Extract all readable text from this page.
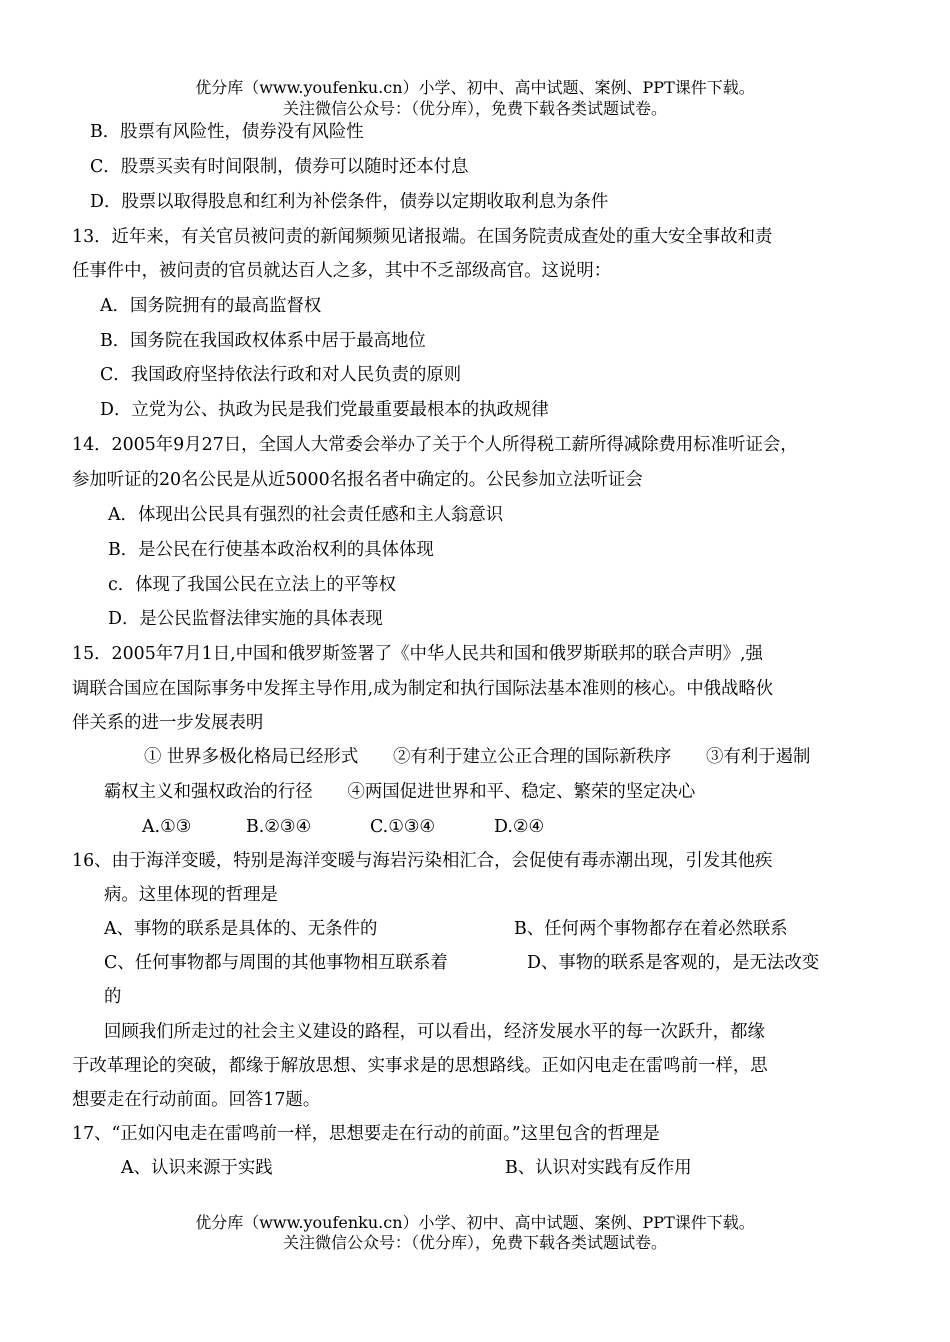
优分库（www.youfenku.cn）小学、初中、高中试题、案例、PPT课件下载。
关注微信公众号：（优分库），免费下载各类试题试卷。
B．股票有风险性，债券没有风险性
C．股票买卖有时间限制，债券可以随时还本付息
D．股票以取得股息和红利为补偿条件，债券以定期收取利息为条件
13．近年来，有关官员被问责的新闻频频见诸报端。在国务院责成查处的重大安全事故和责
任事件中，被问责的官员就达百人之多，其中不乏部级高官。这说明：
A．国务院拥有的最高监督权
B．国务院在我国政权体系中居于最高地位
C．我国政府坚持依法行政和对人民负责的原则
D．立党为公、执政为民是我们党最重要最根本的执政规律
14．2005年9月27日，全国人大常委会举办了关于个人所得税工薪所得减除费用标准听证会，
参加听证的20名公民是从近5000名报名者中确定的。公民参加立法听证会
A．体现出公民具有强烈的社会责任感和主人翁意识
B．是公民在行使基本政治权利的具体体现
c．体现了我国公民在立法上的平等权
D．是公民监督法律实施的具体表现
15．2005年7月1日,中国和俄罗斯签署了《中华人民共和国和俄罗斯联邦的联合声明》,强
调联合国应在国际事务中发挥主导作用,成为制定和执行国际法基本准则的核心。中俄战略伙
伴关系的进一步发展表明
① 世界多极化格局已经形式　　②有利于建立公正合理的国际新秩序　　③有利于遏制
霸权主义和强权政治的行径　　④两国促进世界和平、稳定、繁荣的坚定决心
A.①③	B.②③④	C.①③④	D.②④
16、由于海洋变暖，特别是海洋变暖与海岩污染相汇合，会促使有毒赤潮出现，引发其他疾
病。这里体现的哲理是
A、事物的联系是具体的、无条件的	B、任何两个事物都存在着必然联系
C、任何事物都与周围的其他事物相互联系着	D、事物的联系是客观的，是无法改变
的
回顾我们所走过的社会主义建设的路程，可以看出，经济发展水平的每一次跃升，都缘
于改革理论的突破，都缘于解放思想、实事求是的思想路线。正如闪电走在雷鸣前一样，思
想要走在行动前面。回答17题。
17、“正如闪电走在雷鸣前一样，思想要走在行动的前面。”这里包含的哲理是
A、认识来源于实践	B、认识对实践有反作用
优分库（www.youfenku.cn）小学、初中、高中试题、案例、PPT课件下载。
关注微信公众号：（优分库），免费下载各类试题试卷。
